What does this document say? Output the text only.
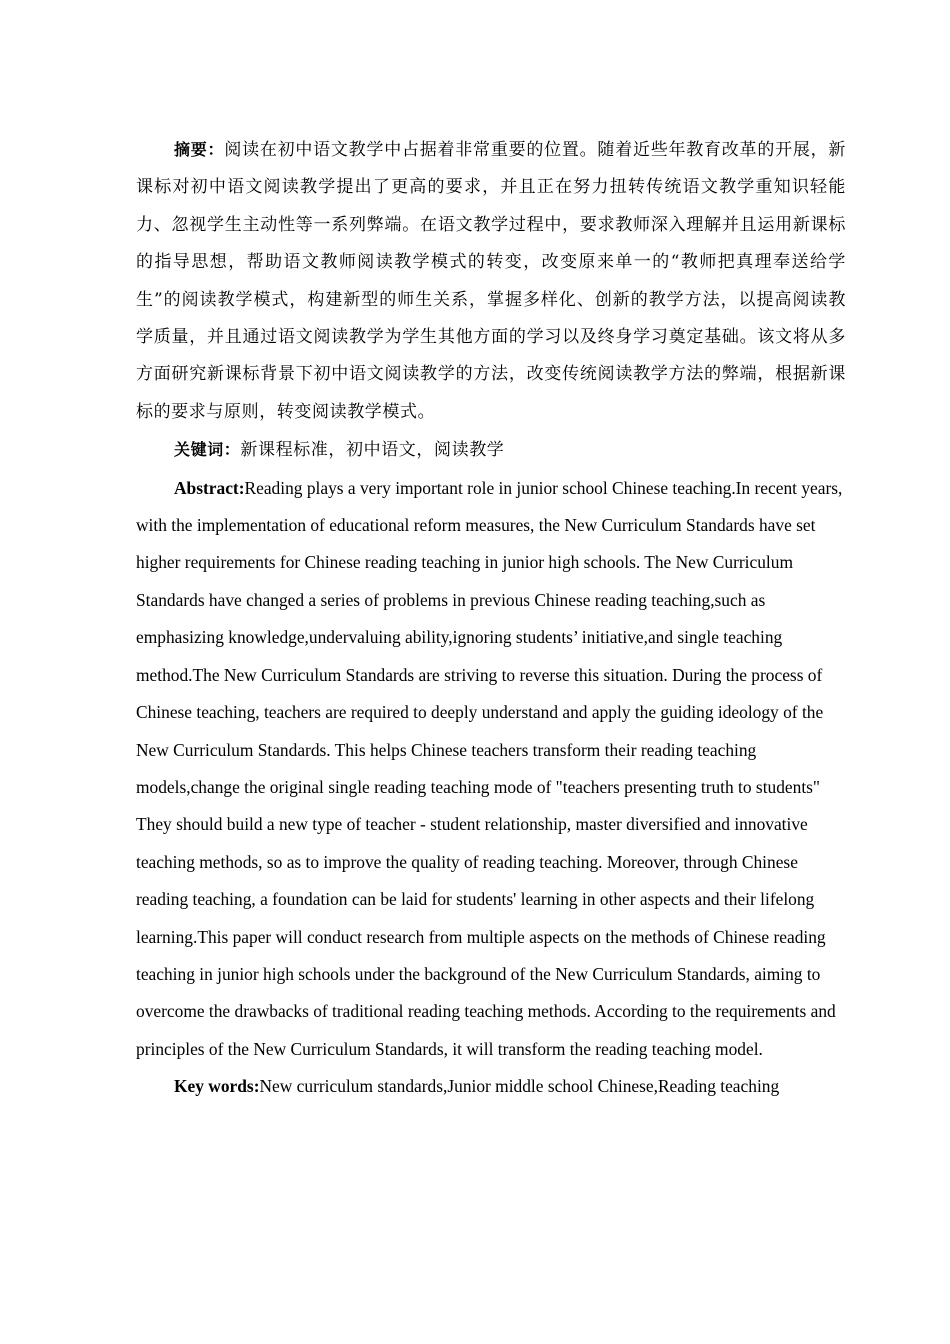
摘要：阅读在初中语文教学中占据着非常重要的位置。随着近些年教育改革的开展，新课标对初中语文阅读教学提出了更高的要求，并且正在努力扭转传统语文教学重知识轻能力、忽视学生主动性等一系列弊端。在语文教学过程中，要求教师深入理解并且运用新课标的指导思想，帮助语文教师阅读教学模式的转变，改变原来单一的“教师把真理奉送给学生”的阅读教学模式，构建新型的师生关系，掌握多样化、创新的教学方法，以提高阅读教学质量，并且通过语文阅读教学为学生其他方面的学习以及终身学习奠定基础。该文将从多方面研究新课标背景下初中语文阅读教学的方法，改变传统阅读教学方法的弊端，根据新课标的要求与原则，转变阅读教学模式。

关键词：新课程标准，初中语文，阅读教学

Abstract:Reading plays a very important role in junior school Chinese teaching.In recent years, with the implementation of educational reform measures, the New Curriculum Standards have set higher requirements for Chinese reading teaching in junior high schools. The New Curriculum Standards have changed a series of problems in previous Chinese reading teaching,such as emphasizing knowledge,undervaluing ability,ignoring students’ initiative,and single teaching method.The New Curriculum Standards are striving to reverse this situation. During the process of Chinese teaching, teachers are required to deeply understand and apply the guiding ideology of the New Curriculum Standards. This helps Chinese teachers transform their reading teaching models,change the original single reading teaching mode of "teachers presenting truth to students" They should build a new type of teacher - student relationship, master diversified and innovative teaching methods, so as to improve the quality of reading teaching. Moreover, through Chinese reading teaching, a foundation can be laid for students' learning in other aspects and their lifelong learning.This paper will conduct research from multiple aspects on the methods of Chinese reading teaching in junior high schools under the background of the New Curriculum Standards, aiming to overcome the drawbacks of traditional reading teaching methods. According to the requirements and principles of the New Curriculum Standards, it will transform the reading teaching model.

Key words:New curriculum standards,Junior middle school Chinese,Reading teaching
